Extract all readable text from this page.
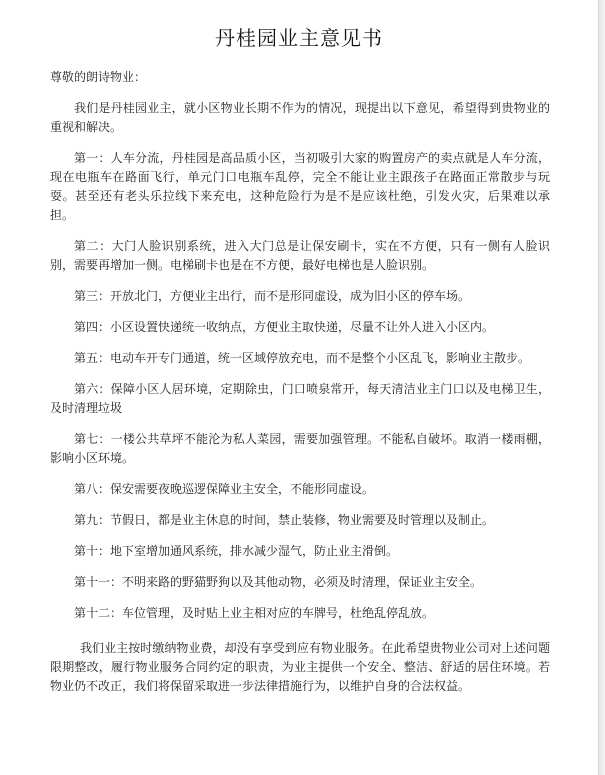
丹桂园业主意见书
尊敬的朗诗物业：

我们是丹桂园业主，就小区物业长期不作为的情况，现提出以下意见，希望得到贵物业的重视和解决。

第一：人车分流，丹桂园是高品质小区，当初吸引大家的购置房产的卖点就是人车分流，现在电瓶车在路面飞行，单元门口电瓶车乱停，完全不能让业主跟孩子在路面正常散步与玩耍。甚至还有老头乐拉线下来充电，这种危险行为是不是应该杜绝，引发火灾，后果难以承担。

第二：大门人脸识别系统，进入大门总是让保安刷卡，实在不方便，只有一侧有人脸识别，需要再增加一侧。电梯刷卡也是在不方便，最好电梯也是人脸识别。

第三：开放北门，方便业主出行，而不是形同虚设，成为旧小区的停车场。

第四：小区设置快递统一收纳点，方便业主取快递，尽量不让外人进入小区内。

第五：电动车开专门通道，统一区域停放充电，而不是整个小区乱飞，影响业主散步。

第六：保障小区人居环境，定期除虫，门口喷泉常开，每天清洁业主门口以及电梯卫生，及时清理垃圾

第七：一楼公共草坪不能沦为私人菜园，需要加强管理。不能私自破坏。取消一楼雨棚，影响小区环境。

第八：保安需要夜晚巡逻保障业主安全，不能形同虚设。

第九：节假日，都是业主休息的时间，禁止装修，物业需要及时管理以及制止。

第十：地下室增加通风系统，排水减少湿气，防止业主滑倒。

第十一：不明来路的野猫野狗以及其他动物，必须及时清理，保证业主安全。

第十二：车位管理，及时贴上业主相对应的车牌号，杜绝乱停乱放。

我们业主按时缴纳物业费，却没有享受到应有物业服务。在此希望贵物业公司对上述问题限期整改，履行物业服务合同约定的职责，为业主提供一个安全、整洁、舒适的居住环境。若物业仍不改正，我们将保留采取进一步法律措施行为，以维护自身的合法权益。
